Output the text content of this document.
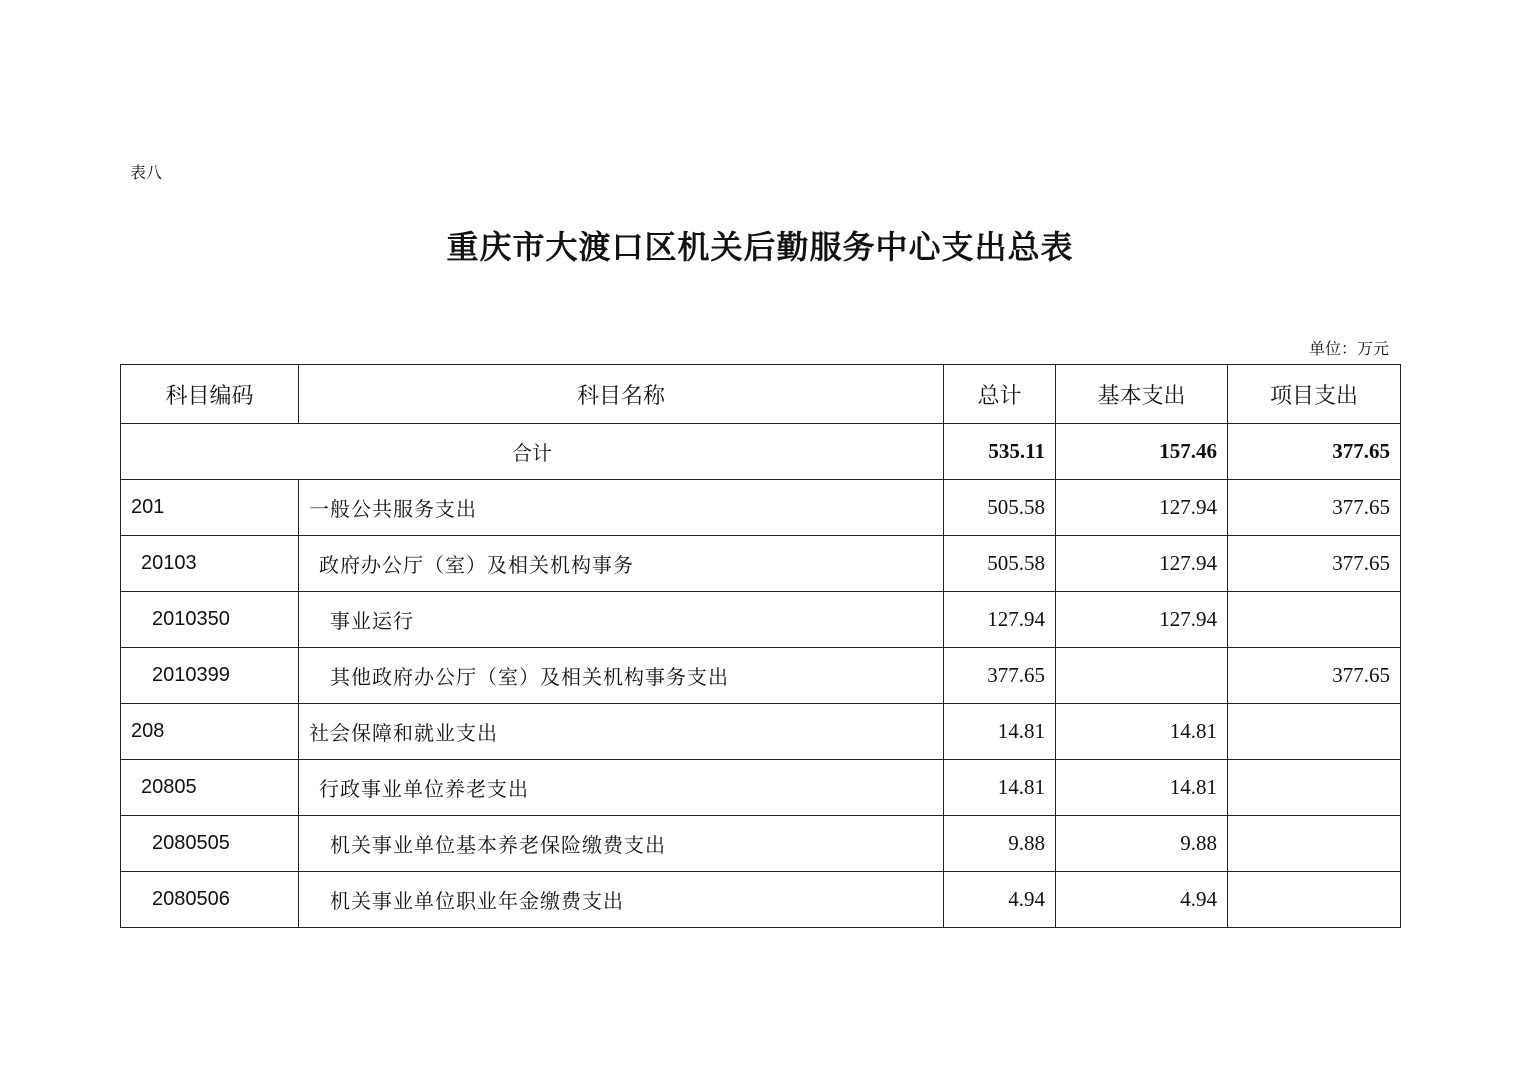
表八
重庆市大渡口区机关后勤服务中心支出总表
单位：万元
科目编码	科目名称	总计	基本支出	项目支出
合计		535.11	157.46	377.65
201	一般公共服务支出	505.58	127.94	377.65
20103	政府办公厅（室）及相关机构事务	505.58	127.94	377.65
2010350	事业运行	127.94	127.94	
2010399	其他政府办公厅（室）及相关机构事务支出	377.65		377.65
208	社会保障和就业支出	14.81	14.81	
20805	行政事业单位养老支出	14.81	14.81	
2080505	机关事业单位基本养老保险缴费支出	9.88	9.88	
2080506	机关事业单位职业年金缴费支出	4.94	4.94	
